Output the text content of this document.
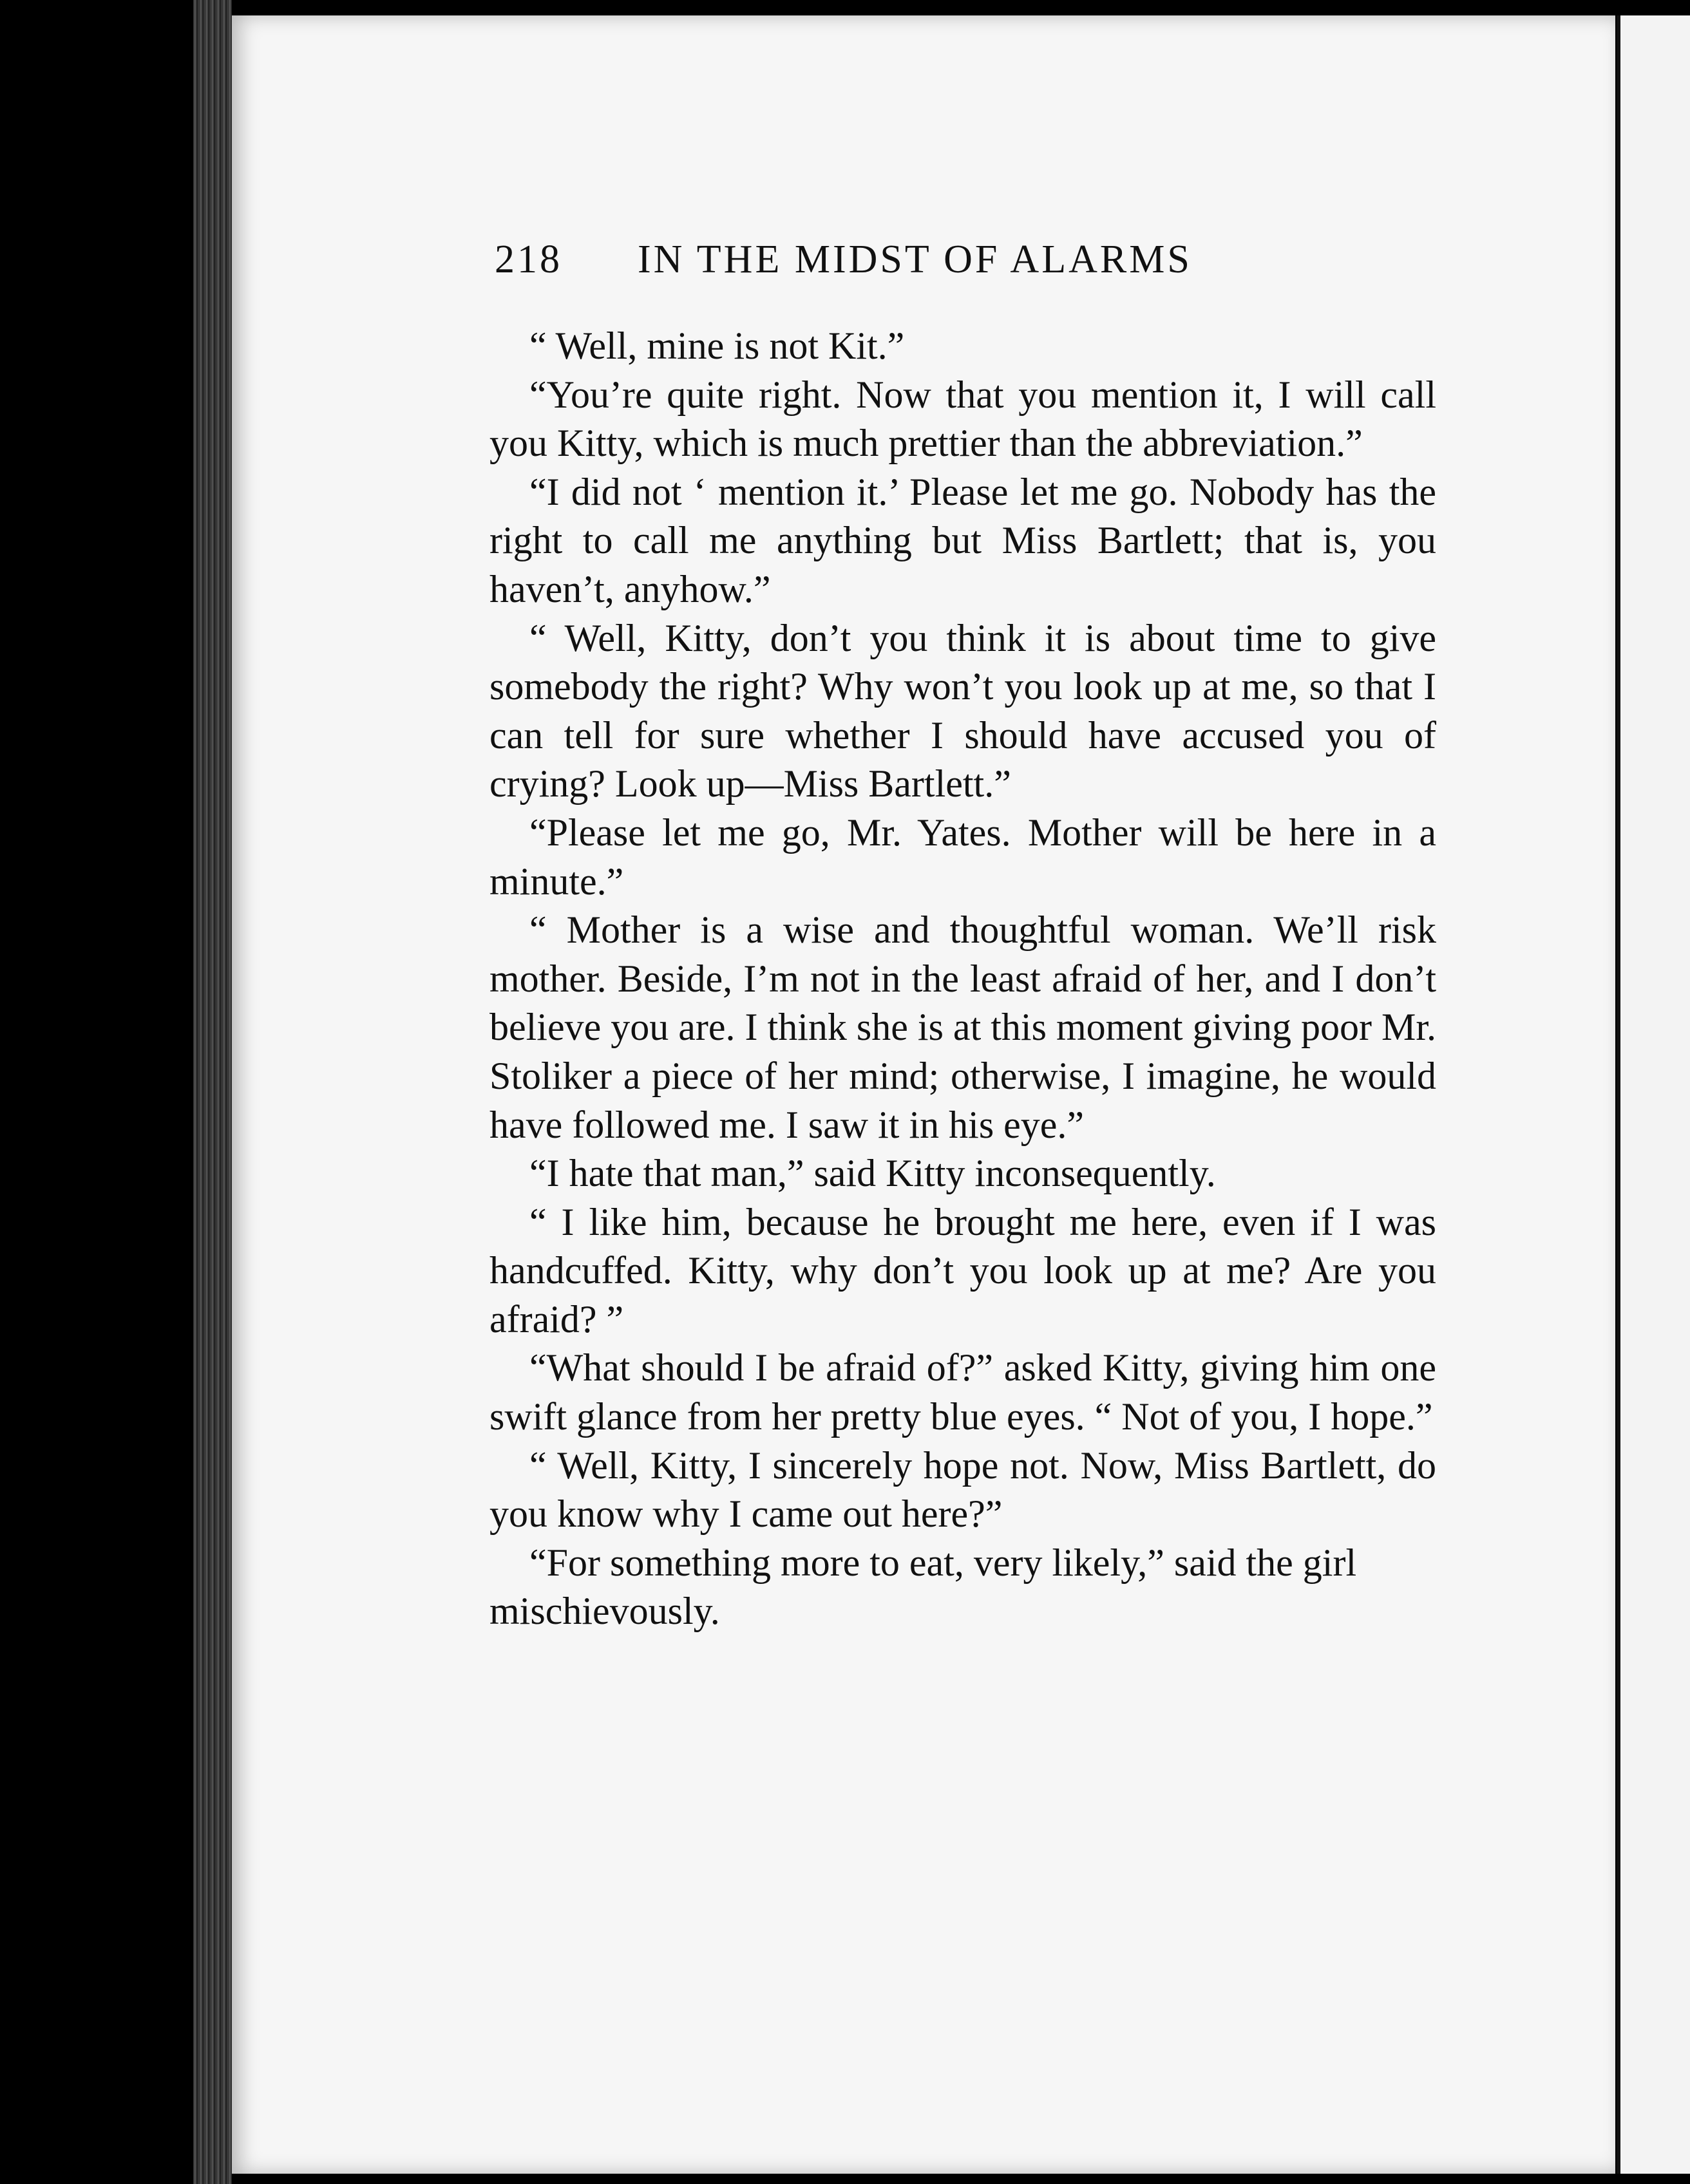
218 IN THE MIDST OF ALARMS

“ Well, mine is not Kit.”

“You’re quite right. Now that you mention it, I will call you Kitty, which is much prettier than the abbreviation.”

“I did not ‘ mention it.’ Please let me go. Nobody has the right to call me anything but Miss Bartlett; that is, you haven’t, anyhow.”

“ Well, Kitty, don’t you think it is about time to give somebody the right? Why won’t you look up at me, so that I can tell for sure whether I should have accused you of crying? Look up—Miss Bartlett.”

“Please let me go, Mr. Yates. Mother will be here in a minute.”

“ Mother is a wise and thoughtful woman. We’ll risk mother. Beside, I’m not in the least afraid of her, and I don’t believe you are. I think she is at this moment giving poor Mr. Stoliker a piece of her mind; otherwise, I imagine, he would have followed me. I saw it in his eye.”

“I hate that man,” said Kitty inconsequently.

“ I like him, because he brought me here, even if I was handcuffed. Kitty, why don’t you look up at me? Are you afraid? ”

“What should I be afraid of?” asked Kitty, giving him one swift glance from her pretty blue eyes. “ Not of you, I hope.”

“ Well, Kitty, I sincerely hope not. Now, Miss Bartlett, do you know why I came out here?”

“For something more to eat, very likely,” said the girl mischievously.
